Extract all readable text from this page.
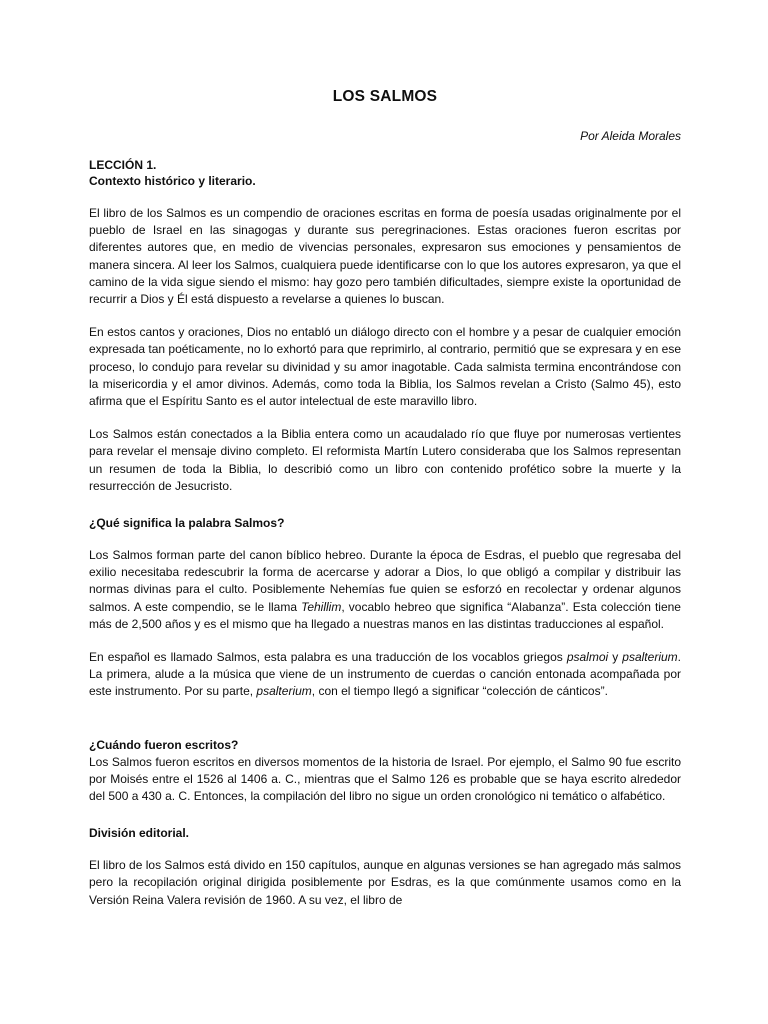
LOS SALMOS
Por Aleida Morales
LECCIÓN 1.
Contexto histórico y literario.

El libro de los Salmos es un compendio de oraciones escritas en forma de poesía usadas originalmente por el pueblo de Israel en las sinagogas y durante sus peregrinaciones. Estas oraciones fueron escritas por diferentes autores que, en medio de vivencias personales, expresaron sus emociones y pensamientos de manera sincera. Al leer los Salmos, cualquiera puede identificarse con lo que los autores expresaron, ya que el camino de la vida sigue siendo el mismo: hay gozo pero también dificultades, siempre existe la oportunidad de recurrir a Dios y Él está dispuesto a revelarse a quienes lo buscan.

En estos cantos y oraciones, Dios no entabló un diálogo directo con el hombre y a pesar de cualquier emoción expresada tan poéticamente, no lo exhortó para que reprimirlo, al contrario, permitió que se expresara y en ese proceso, lo condujo para revelar su divinidad y su amor inagotable. Cada salmista termina encontrándose con la misericordia y el amor divinos. Además, como toda la Biblia, los Salmos revelan a Cristo (Salmo 45), esto afirma que el Espíritu Santo es el autor intelectual de este maravillo libro.

Los Salmos están conectados a la Biblia entera como un acaudalado río que fluye por numerosas vertientes para revelar el mensaje divino completo. El reformista Martín Lutero consideraba que los Salmos representan un resumen de toda la Biblia, lo describió como un libro con contenido profético sobre la muerte y la resurrección de Jesucristo.

¿Qué significa la palabra Salmos?

Los Salmos forman parte del canon bíblico hebreo. Durante la época de Esdras, el pueblo que regresaba del exilio necesitaba redescubrir la forma de acercarse y adorar a Dios, lo que obligó a compilar y distribuir las normas divinas para el culto. Posiblemente Nehemías fue quien se esforzó en recolectar y ordenar algunos salmos. A este compendio, se le llama Tehillim, vocablo hebreo que significa “Alabanza”. Esta colección tiene más de 2,500 años y es el mismo que ha llegado a nuestras manos en las distintas traducciones al español.

En español es llamado Salmos, esta palabra es una traducción de los vocablos griegos psalmoi y psalterium. La primera, alude a la música que viene de un instrumento de cuerdas o canción entonada acompañada por este instrumento. Por su parte, psalterium, con el tiempo llegó a significar “colección de cánticos”.

¿Cuándo fueron escritos?

Los Salmos fueron escritos en diversos momentos de la historia de Israel. Por ejemplo, el Salmo 90 fue escrito por Moisés entre el 1526 al 1406 a. C., mientras que el Salmo 126 es probable que se haya escrito alrededor del 500 a 430 a. C. Entonces, la compilación del libro no sigue un orden cronológico ni temático o alfabético.

División editorial.

El libro de los Salmos está divido en 150 capítulos, aunque en algunas versiones se han agregado más salmos pero la recopilación original dirigida posiblemente por Esdras, es la que comúnmente usamos como en la Versión Reina Valera revisión de 1960. A su vez, el libro de
